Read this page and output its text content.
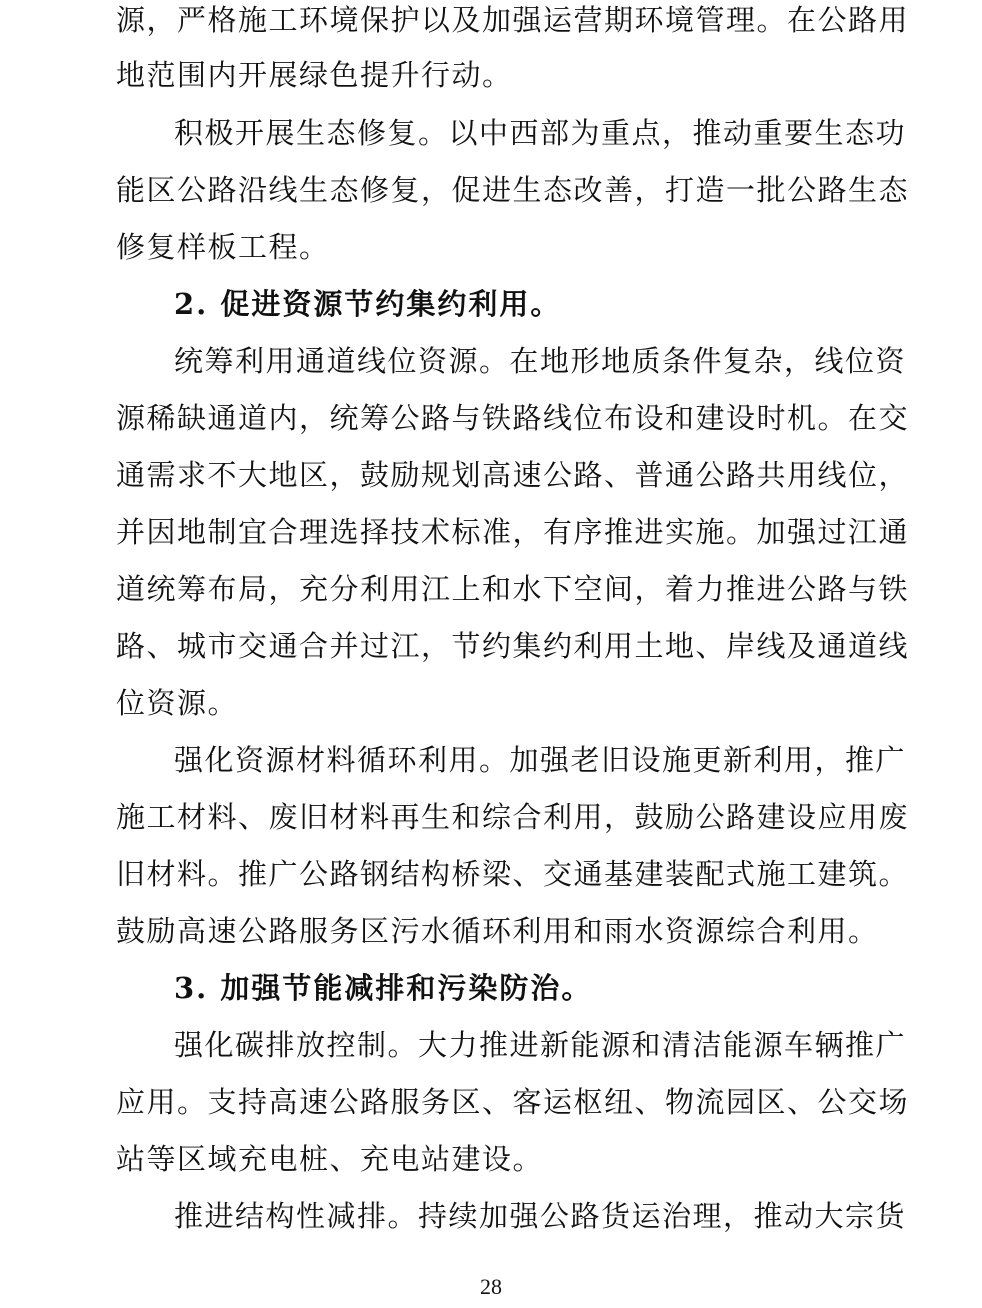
源，严格施工环境保护以及加强运营期环境管理。在公路用
地范围内开展绿色提升行动。
积极开展生态修复。以中西部为重点，推动重要生态功
能区公路沿线生态修复，促进生态改善，打造一批公路生态
修复样板工程。
2. 促进资源节约集约利用。
统筹利用通道线位资源。在地形地质条件复杂，线位资
源稀缺通道内，统筹公路与铁路线位布设和建设时机。在交
通需求不大地区，鼓励规划高速公路、普通公路共用线位，
并因地制宜合理选择技术标准，有序推进实施。加强过江通
道统筹布局，充分利用江上和水下空间，着力推进公路与铁
路、城市交通合并过江，节约集约利用土地、岸线及通道线
位资源。
强化资源材料循环利用。加强老旧设施更新利用，推广
施工材料、废旧材料再生和综合利用，鼓励公路建设应用废
旧材料。推广公路钢结构桥梁、交通基建装配式施工建筑。
鼓励高速公路服务区污水循环利用和雨水资源综合利用。
3. 加强节能减排和污染防治。
强化碳排放控制。大力推进新能源和清洁能源车辆推广
应用。支持高速公路服务区、客运枢纽、物流园区、公交场
站等区域充电桩、充电站建设。
推进结构性减排。持续加强公路货运治理，推动大宗货
28
